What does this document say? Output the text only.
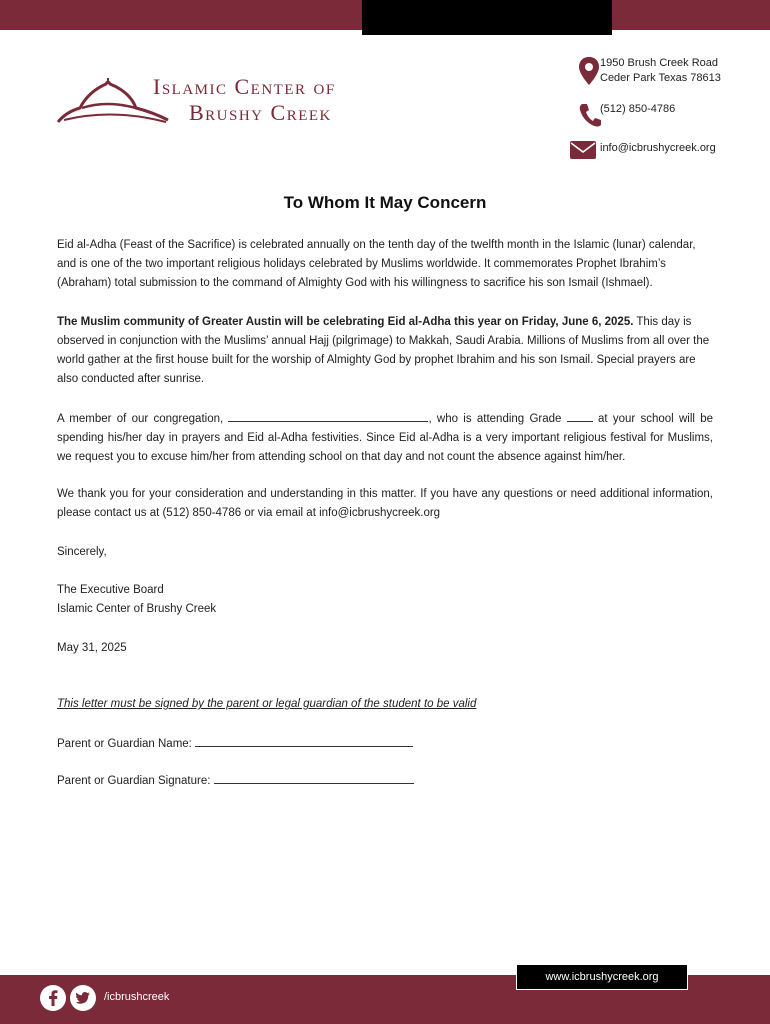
Islamic Center of
Brushy Creek
1950 Brush Creek Road
Ceder Park Texas 78613
(512) 850-4786
info@icbrushycreek.org
To Whom It May Concern
Eid al-Adha (Feast of the Sacrifice) is celebrated annually on the tenth day of the twelfth month in the Islamic (lunar) calendar, and is one of the two important religious holidays celebrated by Muslims worldwide. It commemorates Prophet Ibrahim’s (Abraham) total submission to the command of Almighty God with his willingness to sacrifice his son Ismail (Ishmael).
The Muslim community of Greater Austin will be celebrating Eid al-Adha this year on Friday, June 6, 2025. This day is observed in conjunction with the Muslims’ annual Hajj (pilgrimage) to Makkah, Saudi Arabia. Millions of Muslims from all over the world gather at the first house built for the worship of Almighty God by prophet Ibrahim and his son Ismail. Special prayers are also conducted after sunrise.
A member of our congregation,	, who is attending Grade  at your school will be spending his/her day in prayers and Eid al-Adha festivities. Since Eid al-Adha is a very important religious festival for Muslims, we request you to excuse him/her from attending school on that day and not count the absence against him/her.
We thank you for your consideration and understanding in this matter. If you have any questions or need additional information, please contact us at (512) 850-4786 or via email at info@icbrushycreek.org
Sincerely,
The Executive Board
Islamic Center of Brushy Creek
May 31, 2025
This letter must be signed by the parent or legal guardian of the student to be valid
Parent or Guardian Name:
Parent or Guardian Signature:
www.icbrushycreek.org
/icbrushcreek
